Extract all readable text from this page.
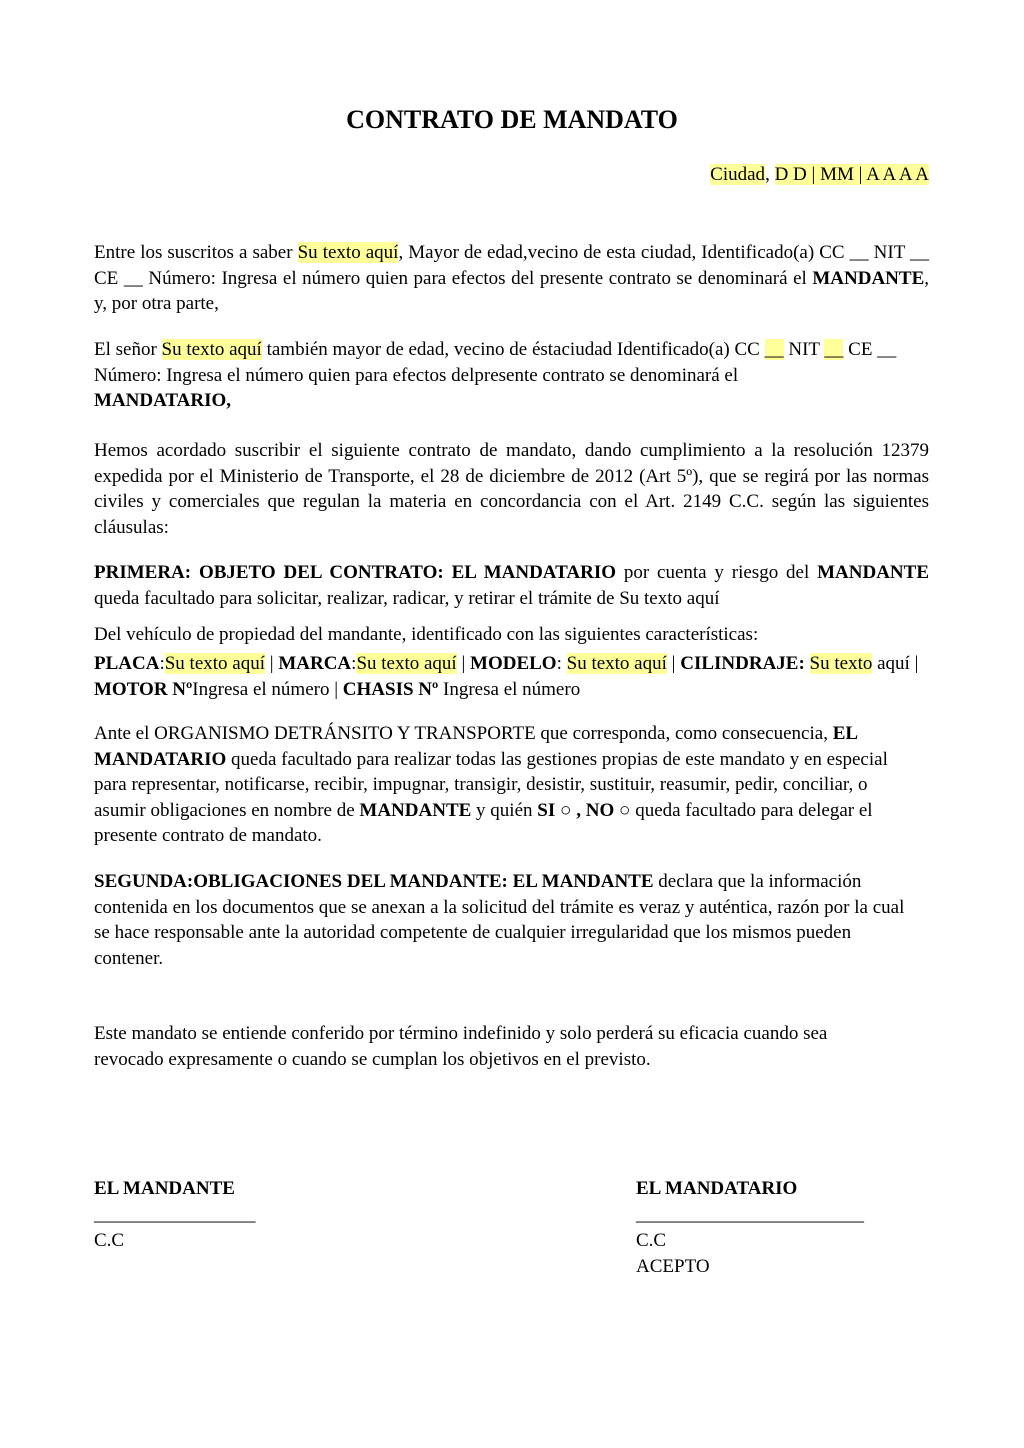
CONTRATO DE MANDATO
Ciudad, D D | MM | A A A A
Entre los suscritos a saber Su texto aquí, Mayor de edad,vecino de esta ciudad, Identificado(a) CC __ NIT __ CE __ Número: Ingresa el número quien para efectos del presente contrato se denominará el MANDANTE, y, por otra parte,
El señor Su texto aquí también mayor de edad, vecino de éstaciudad Identificado(a) CC __ NIT __ CE __ Número: Ingresa el número quien para efectos delpresente contrato se denominará el
MANDATARIO,
Hemos acordado suscribir el siguiente contrato de mandato, dando cumplimiento a la resolución 12379 expedida por el Ministerio de Transporte, el 28 de diciembre de 2012 (Art 5º), que se regirá por las normas civiles y comerciales que regulan la materia en concordancia con el Art. 2149 C.C. según las siguientes cláusulas:
PRIMERA: OBJETO DEL CONTRATO: EL MANDATARIO por cuenta y riesgo del MANDANTE queda facultado para solicitar, realizar, radicar, y retirar el trámite de Su texto aquí
Del vehículo de propiedad del mandante, identificado con las siguientes características:
PLACA:Su texto aquí | MARCA:Su texto aquí | MODELO: Su texto aquí | CILINDRAJE: Su texto aquí | MOTOR NºIngresa el número | CHASIS Nº Ingresa el número
Ante el ORGANISMO DETRÁNSITO Y TRANSPORTE que corresponda, como consecuencia, EL MANDATARIO queda facultado para realizar todas las gestiones propias de este mandato y en especial para representar, notificarse, recibir, impugnar, transigir, desistir, sustituir, reasumir, pedir, conciliar, o asumir obligaciones en nombre de MANDANTE y quién SI ○ , NO ○ queda facultado para delegar el presente contrato de mandato.
SEGUNDA:OBLIGACIONES DEL MANDANTE: EL MANDANTE declara que la información contenida en los documentos que se anexan a la solicitud del trámite es veraz y auténtica, razón por la cual se hace responsable ante la autoridad competente de cualquier irregularidad que los mismos pueden contener.
Este mandato se entiende conferido por término indefinido y solo perderá su eficacia cuando sea revocado expresamente o cuando se cumplan los objetivos en el previsto.
EL MANDANTE
_________________
C.C
EL MANDATARIO
________________________
C.C
ACEPTO
